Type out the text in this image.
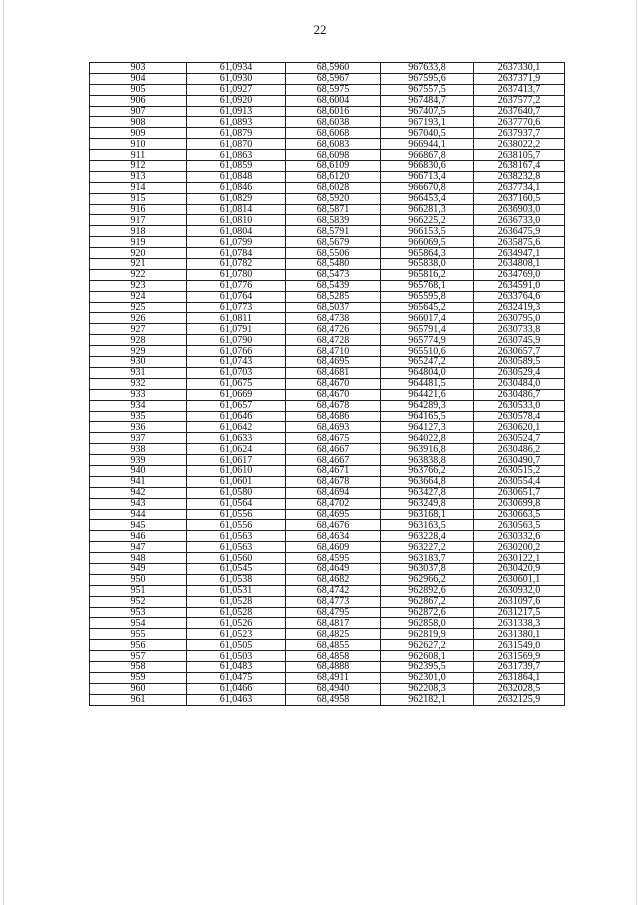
22
903	61,0934	68,5960	967633,8	2637330,1
904	61,0930	68,5967	967595,6	2637371,9
905	61,0927	68,5975	967557,5	2637413,7
906	61,0920	68,6004	967484,7	2637577,2
907	61,0913	68,6016	967407,5	2637640,7
908	61,0893	68,6038	967193,1	2637770,6
909	61,0879	68,6068	967040,5	2637937,7
910	61,0870	68,6083	966944,1	2638022,2
911	61,0863	68,6098	966867,8	2638105,7
912	61,0859	68,6109	966830,6	2638167,4
913	61,0848	68,6120	966713,4	2638232,8
914	61,0846	68,6028	966670,8	2637734,1
915	61,0829	68,5920	966453,4	2637160,5
916	61,0814	68,5871	966281,3	2636903,0
917	61,0810	68,5839	966225,2	2636733,0
918	61,0804	68,5791	966153,5	2636475,9
919	61,0799	68,5679	966069,5	2635875,6
920	61,0784	68,5506	965864,3	2634947,1
921	61,0782	68,5480	965838,0	2634808,1
922	61,0780	68,5473	965816,2	2634769,0
923	61,0776	68,5439	965768,1	2634591,0
924	61,0764	68,5285	965595,8	2633764,6
925	61,0773	68,5037	965645,2	2632419,3
926	61,0811	68,4738	966017,4	2630795,0
927	61,0791	68,4726	965791,4	2630733,8
928	61,0790	68,4728	965774,9	2630745,9
929	61,0766	68,4710	965510,6	2630657,7
930	61,0743	68,4695	965247,2	2630589,5
931	61,0703	68,4681	964804,0	2630529,4
932	61,0675	68,4670	964481,5	2630484,0
933	61,0669	68,4670	964421,6	2630486,7
934	61,0657	68,4678	964289,3	2630533,0
935	61,0646	68,4686	964165,5	2630578,4
936	61,0642	68,4693	964127,3	2630620,1
937	61,0633	68,4675	964022,8	2630524,7
938	61,0624	68,4667	963916,8	2630486,2
939	61,0617	68,4667	963838,8	2630490,7
940	61,0610	68,4671	963766,2	2630515,2
941	61,0601	68,4678	963664,8	2630554,4
942	61,0580	68,4694	963427,8	2630651,7
943	61,0564	68,4702	963249,8	2630699,8
944	61,0556	68,4695	963168,1	2630663,5
945	61,0556	68,4676	963163,5	2630563,5
946	61,0563	68,4634	963228,4	2630332,6
947	61,0563	68,4609	963227,2	2630200,2
948	61,0560	68,4595	963183,7	2630122,1
949	61,0545	68,4649	963037,8	2630420,9
950	61,0538	68,4682	962966,2	2630601,1
951	61,0531	68,4742	962892,6	2630932,0
952	61,0528	68,4773	962867,2	2631097,6
953	61,0528	68,4795	962872,6	2631217,5
954	61,0526	68,4817	962858,0	2631338,3
955	61,0523	68,4825	962819,9	2631380,1
956	61,0505	68,4855	962627,2	2631549,0
957	61,0503	68,4858	962608,1	2631569,9
958	61,0483	68,4888	962395,5	2631739,7
959	61,0475	68,4911	962301,0	2631864,1
960	61,0466	68,4940	962208,3	2632028,5
961	61,0463	68,4958	962182,1	2632125,9
